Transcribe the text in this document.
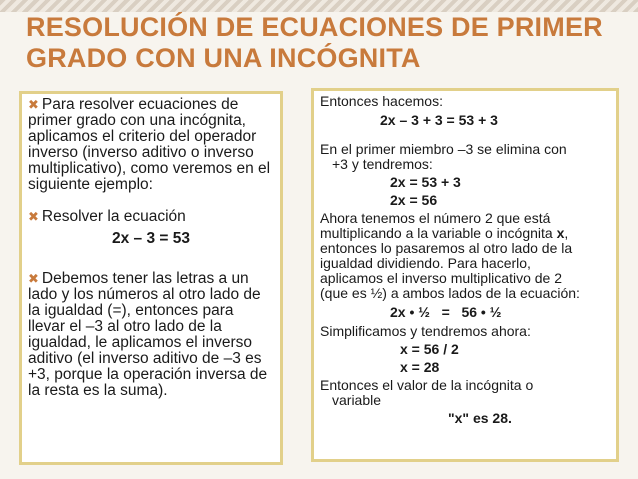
RESOLUCIÓN DE ECUACIONES DE PRIMER
GRADO CON UNA INCÓGNITA

✖ Para resolver ecuaciones de primer grado con una incógnita, aplicamos el criterio del operador inverso (inverso aditivo o inverso multiplicativo), como veremos en el siguiente ejemplo:

✖ Resolver la ecuación

2x – 3 = 53

✖ Debemos tener las letras a un lado y los números al otro lado de la igualdad (=), entonces para llevar el –3 al otro lado de la igualdad, le aplicamos el inverso aditivo (el inverso aditivo de –3 es +3, porque la operación inversa de la resta es la suma).

Entonces hacemos:

2x – 3 + 3 = 53 + 3

En el primer miembro –3 se elimina con

+3 y tendremos:

2x = 53 + 3

2x = 56

Ahora tenemos el número 2 que está

multiplicando a la variable o incógnita x,

entonces lo pasaremos al otro lado de la

igualdad dividiendo. Para hacerlo,

aplicamos el inverso multiplicativo de 2

(que es ½) a ambos lados de la ecuación:

2x • ½   =   56 • ½

Simplificamos y tendremos ahora:

x = 56 / 2

x = 28

Entonces el valor de la incógnita o

variable

"x" es 28.
